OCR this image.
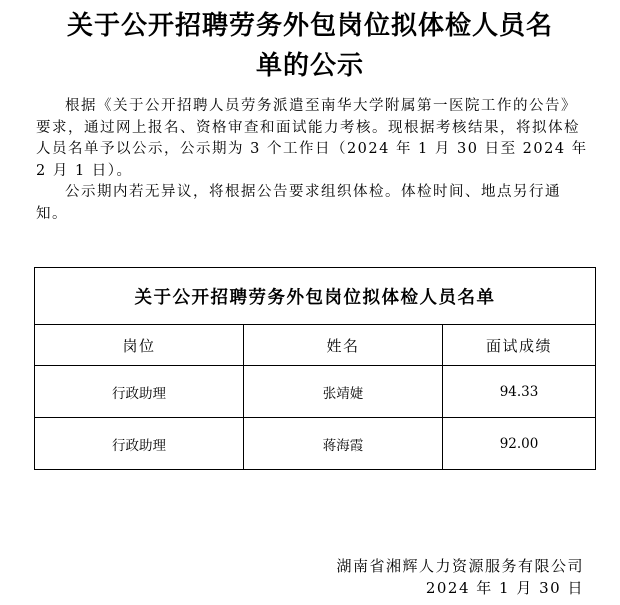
关于公开招聘劳务外包岗位拟体检人员名
单的公示

根据《关于公开招聘人员劳务派遣至南华大学附属第一医院工作的公告》要求，通过网上报名、资格审查和面试能力考核。现根据考核结果，将拟体检人员名单予以公示，公示期为 3 个工作日（2024 年 1 月 30 日至 2024 年 2 月 1 日）。

公示期内若无异议，将根据公告要求组织体检。体检时间、地点另行通知。

关于公开招聘劳务外包岗位拟体检人员名单		
岗位	姓名	面试成绩
行政助理	张靖婕	94.33
行政助理	蒋海霞	92.00
湖南省湘辉人力资源服务有限公司
2024 年 1 月 30 日
